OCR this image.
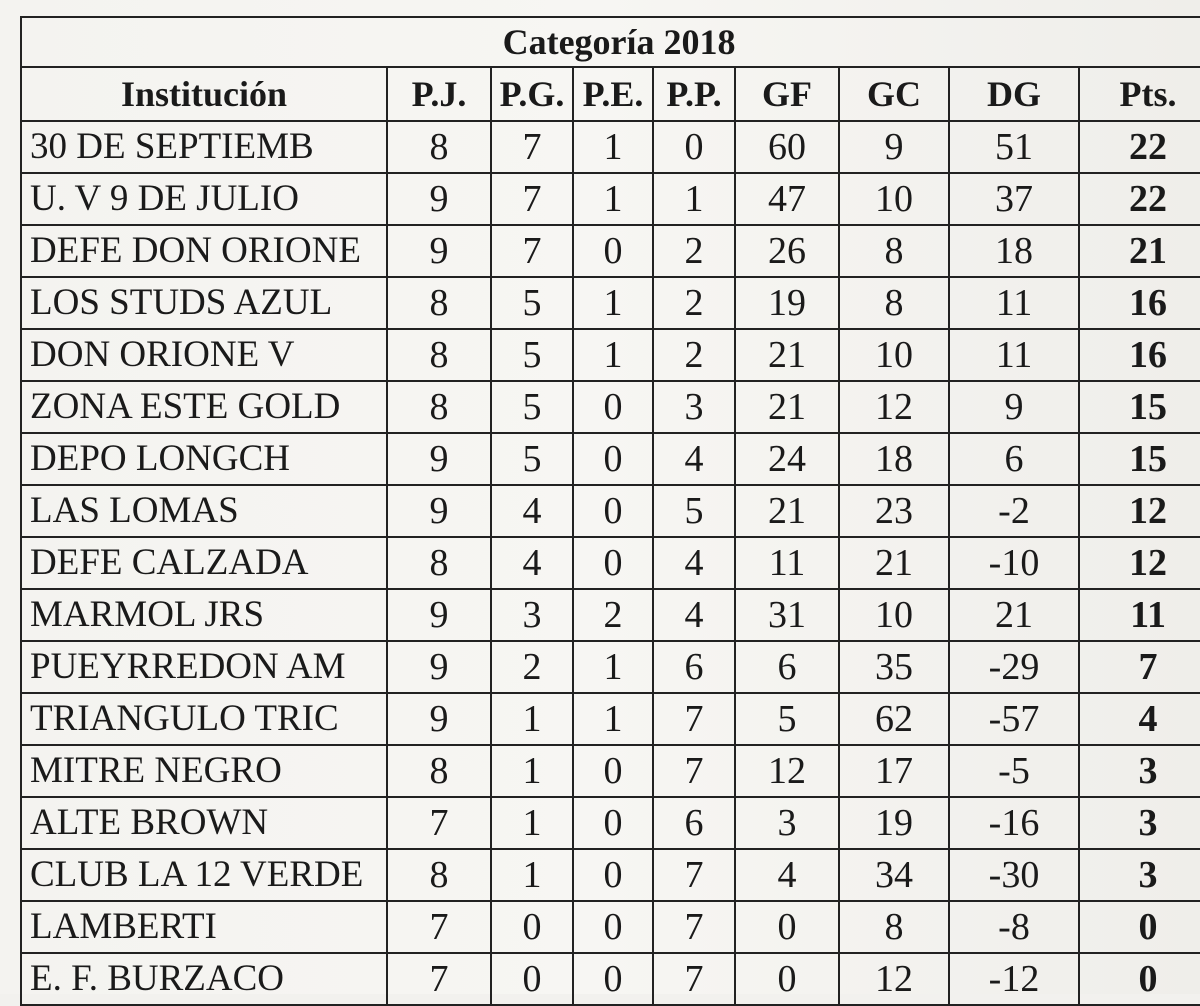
Categoría 2018								
Institución	P.J.	P.G.	P.E.	P.P.	GF	GC	DG	Pts.
30 DE SEPTIEMB	8	7	1	0	60	9	51	22
U. V 9 DE JULIO	9	7	1	1	47	10	37	22
DEFE DON ORIONE	9	7	0	2	26	8	18	21
LOS STUDS AZUL	8	5	1	2	19	8	11	16
DON ORIONE V	8	5	1	2	21	10	11	16
ZONA ESTE GOLD	8	5	0	3	21	12	9	15
DEPO LONGCH	9	5	0	4	24	18	6	15
LAS LOMAS	9	4	0	5	21	23	-2	12
DEFE CALZADA	8	4	0	4	11	21	-10	12
MARMOL JRS	9	3	2	4	31	10	21	11
PUEYRREDON AM	9	2	1	6	6	35	-29	7
TRIANGULO TRIC	9	1	1	7	5	62	-57	4
MITRE NEGRO	8	1	0	7	12	17	-5	3
ALTE BROWN	7	1	0	6	3	19	-16	3
CLUB LA 12 VERDE	8	1	0	7	4	34	-30	3
LAMBERTI	7	0	0	7	0	8	-8	0
E. F. BURZACO	7	0	0	7	0	12	-12	0
